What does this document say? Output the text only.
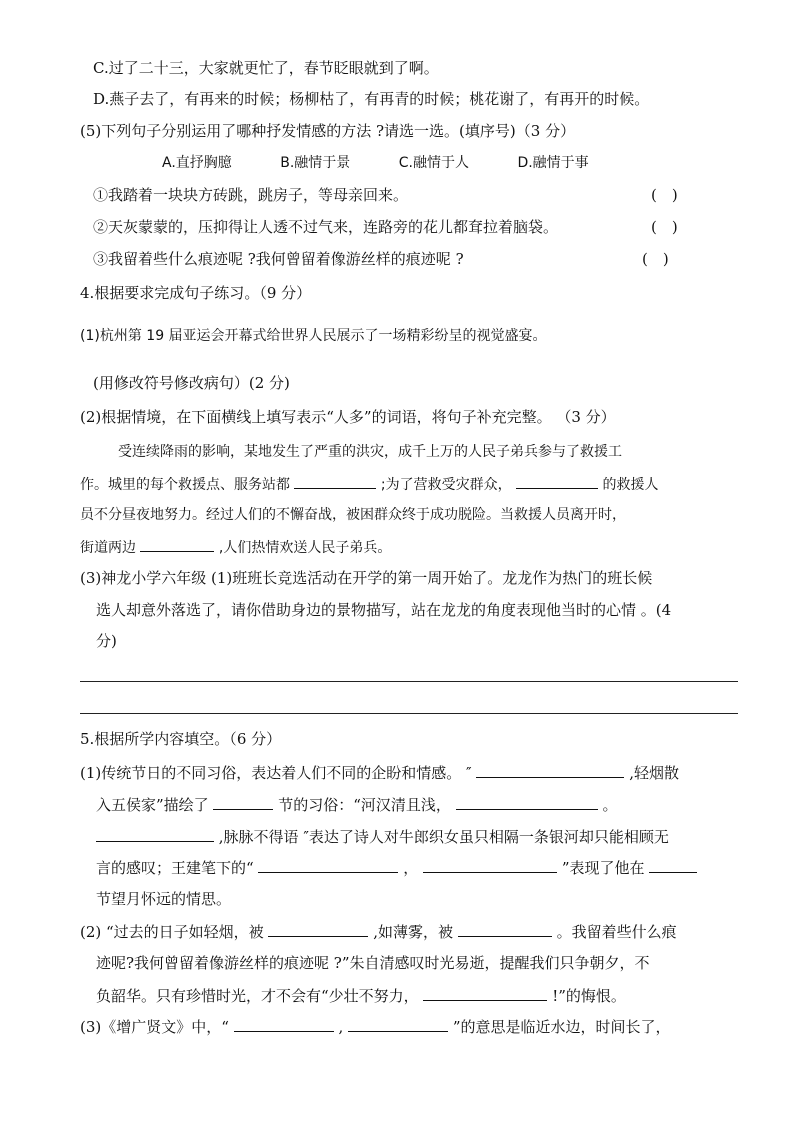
C.过了二十三，大家就更忙了，春节眨眼就到了啊。
D.燕子去了，有再来的时候；杨柳枯了，有再青的时候；桃花谢了，有再开的时候。
(5)下列句子分别运用了哪种抒发情感的方法 ?请选一选。(填序号)（3 分）
A.直抒胸臆	B.融情于景	C.融情于人	D.融情于事
①我踏着一块块方砖跳，跳房子，等母亲回来。	(　)
②天灰蒙蒙的，压抑得让人透不过气来，连路旁的花儿都耷拉着脑袋。	(　)
③我留着些什么痕迹呢 ?我何曾留着像游丝样的痕迹呢 ?	(　)
4.根据要求完成句子练习。（9 分）
(1)杭州第 19 届亚运会开幕式给世界人民展示了一场精彩纷呈的视觉盛宴。
(用修改符号修改病句）(2 分)
(2)根据情境，在下面横线上填写表示“人多”的词语，将句子补充完整。 （3 分）
受连续降雨的影响，某地发生了严重的洪灾，成千上万的人民子弟兵参与了救援工
作。城里的每个救援点、服务站都	;为了营救受灾群众，	的救援人
员不分昼夜地努力。经过人们的不懈奋战，被困群众终于成功脱险。当救援人员离开时，
街道两边	,人们热情欢送人民子弟兵。
(3)神龙小学六年级 (1)班班长竞选活动在开学的第一周开始了。龙龙作为热门的班长候
选人却意外落选了，请你借助身边的景物描写，站在龙龙的角度表现他当时的心情 。(4
分)
5.根据所学内容填空。（6 分）
(1)传统节日的不同习俗，表达着人们不同的企盼和情感。 ″	,轻烟散
入五侯家”描绘了	节的习俗：“河汉清且浅，	。
,脉脉不得语 ″表达了诗人对牛郎织女虽只相隔一条银河却只能相顾无
言的感叹；王建笔下的“	，	”表现了他在
节望月怀远的情思。
(2) “过去的日子如轻烟，被	,如薄雾，被	。我留着些什么痕
迹呢?我何曾留着像游丝样的痕迹呢 ?”朱自清感叹时光易逝，提醒我们只争朝夕，不
负韶华。只有珍惜时光，才不会有“少壮不努力，	!”的悔恨。
(3)《增广贤文》中，“	,	”的意思是临近水边，时间长了，
